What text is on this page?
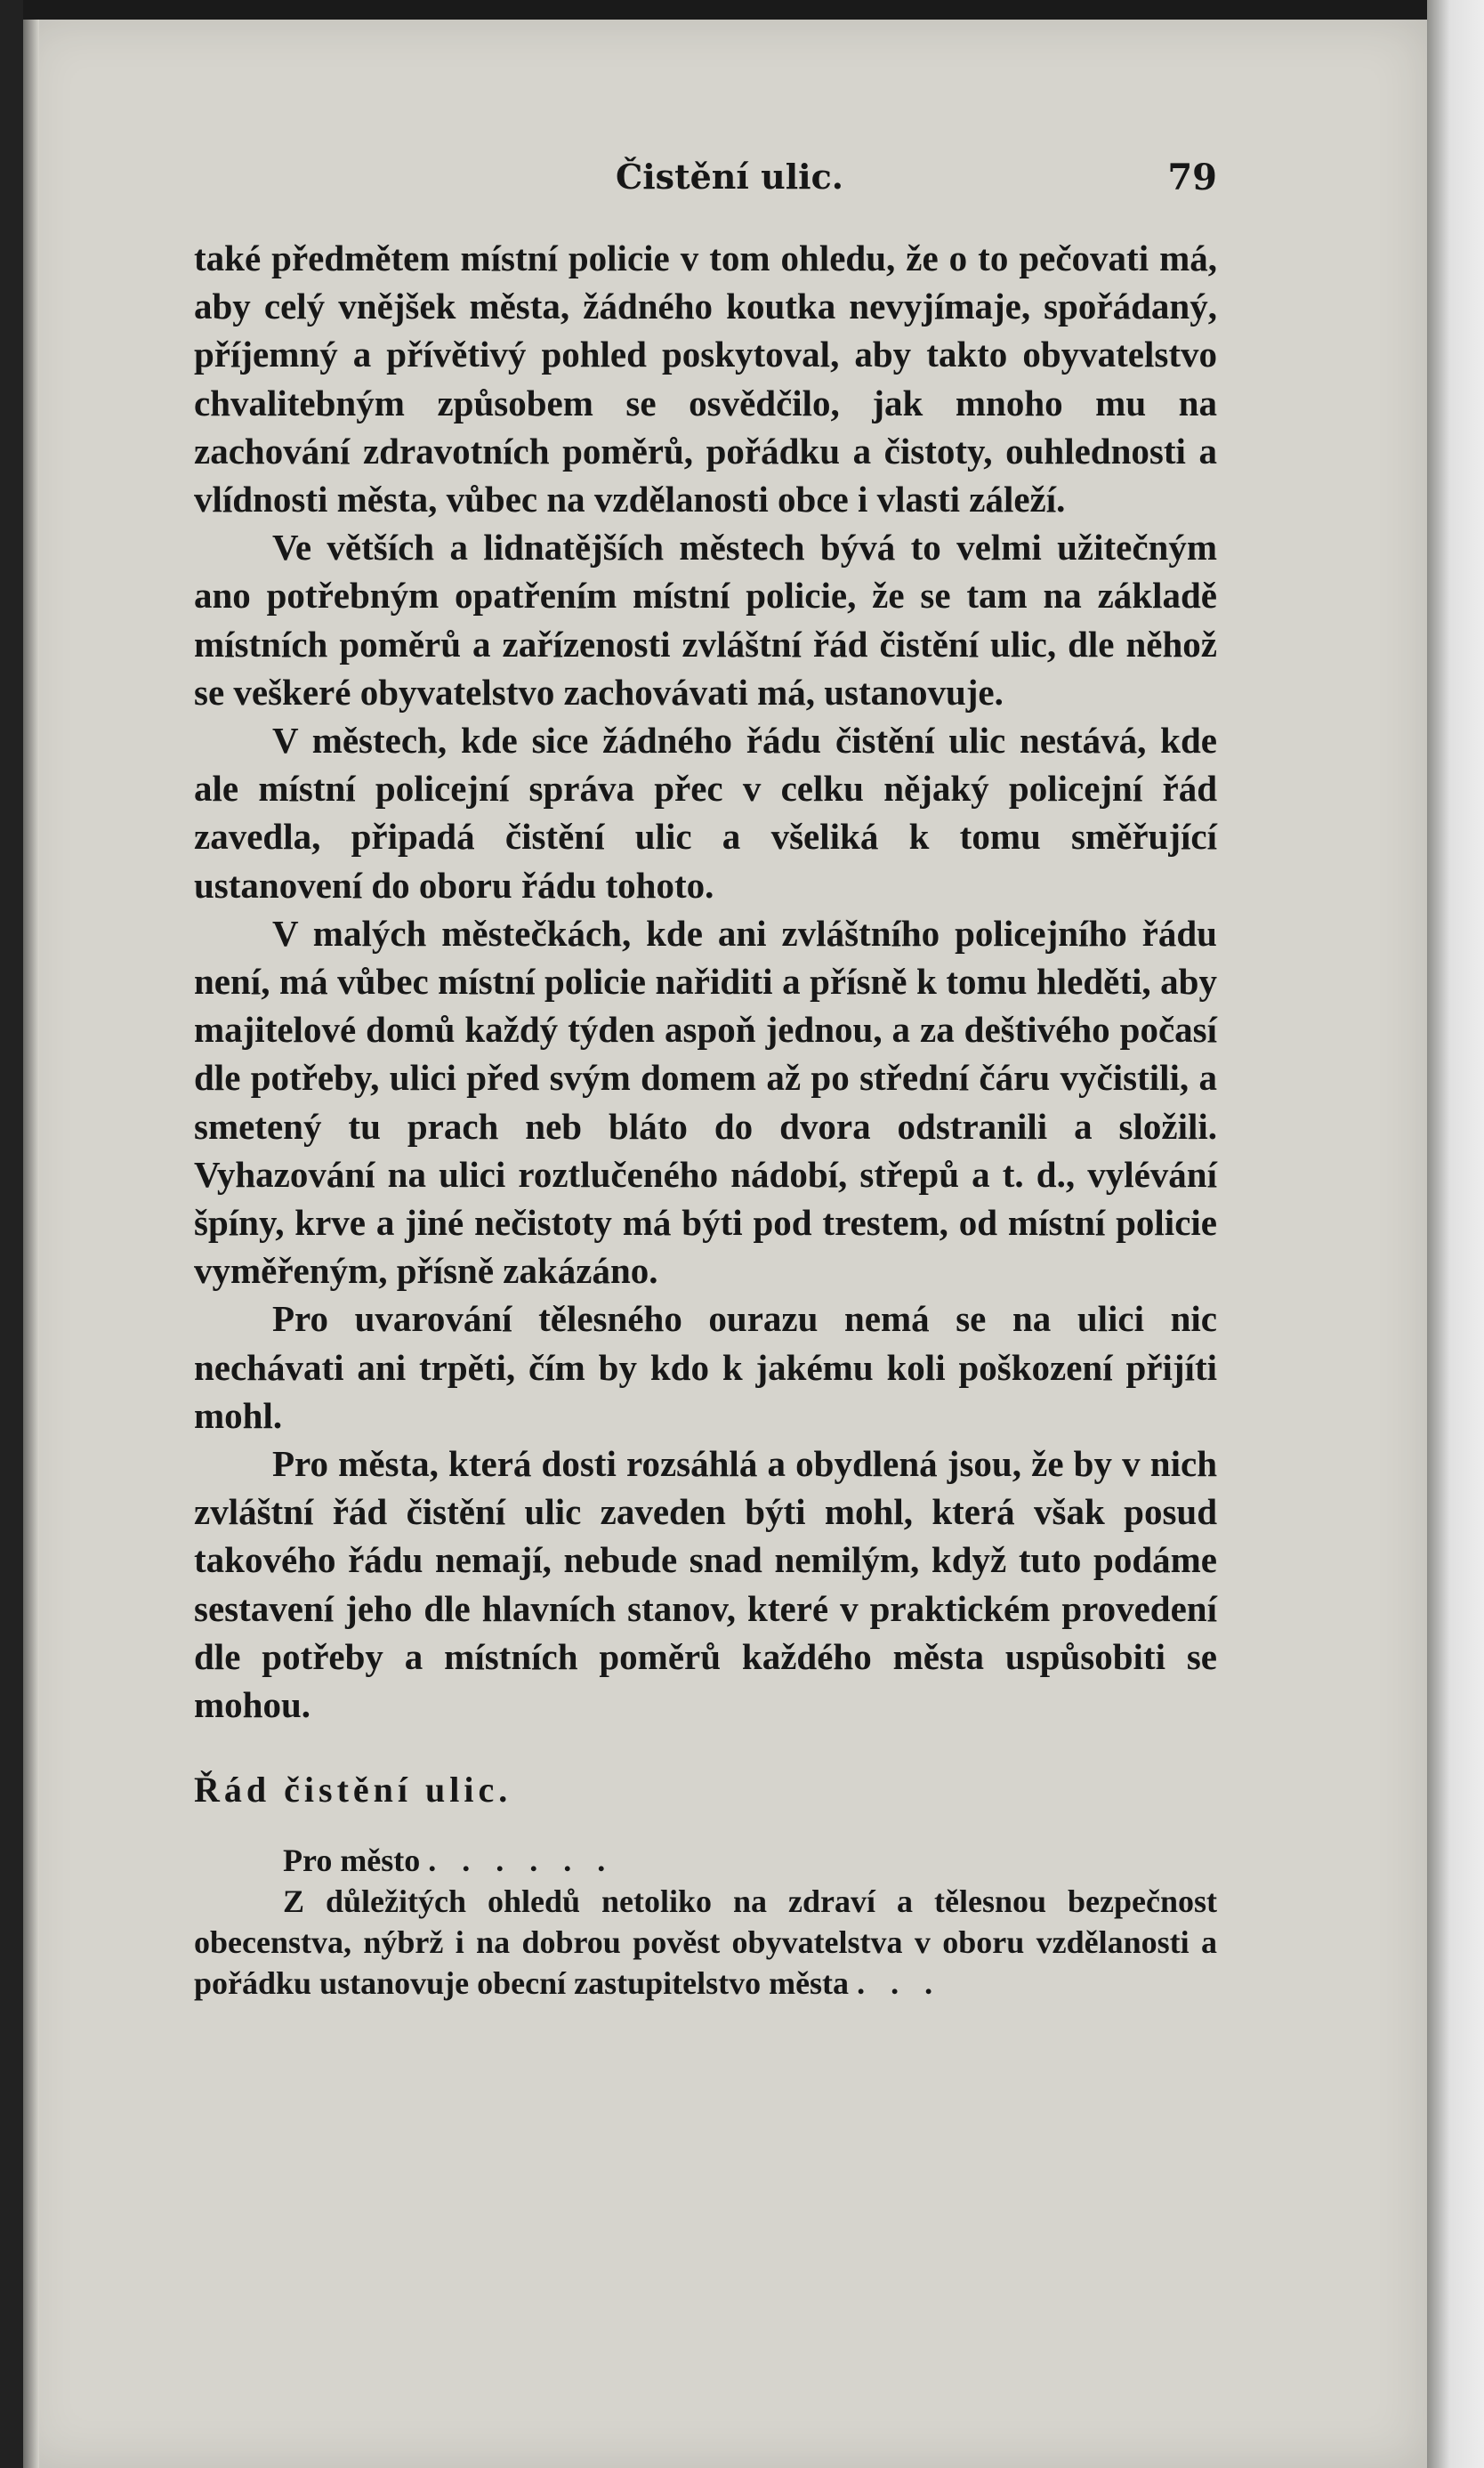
Čistění ulic.	79

také předmětem místní policie v tom ohledu, že o to pečovati má, aby celý vnějšek města, žádného koutka nevyjímaje, spořádaný, příjemný a přívětivý pohled poskytoval, aby takto obyvatelstvo chvalitebným způsobem se osvědčilo, jak mnoho mu na zachování zdravotních poměrů, pořádku a čistoty, ouhlednosti a vlídnosti města, vůbec na vzdělanosti obce i vlasti záleží.

Ve větších a lidnatějších městech bývá to velmi užitečným ano potřebným opatřením místní policie, že se tam na základě místních poměrů a zařízenosti zvláštní řád čistění ulic, dle něhož se veškeré obyvatelstvo zachovávati má, ustanovuje.

V městech, kde sice žádného řádu čistění ulic nestává, kde ale místní policejní správa přec v celku nějaký policejní řád zavedla, připadá čistění ulic a všeliká k tomu směřující ustanovení do oboru řádu tohoto.

V malých městečkách, kde ani zvláštního policejního řádu není, má vůbec místní policie nařiditi a přísně k tomu hleděti, aby majitelové domů každý týden aspoň jednou, a za deštivého počasí dle potřeby, ulici před svým domem až po střední čáru vyčistili, a smetený tu prach neb bláto do dvora odstranili a složili. Vyhazování na ulici roztlučeného nádobí, střepů a t. d., vylévání špíny, krve a jiné nečistoty má býti pod trestem, od místní policie vyměřeným, přísně zakázáno.

Pro uvarování tělesného ourazu nemá se na ulici nic nechávati ani trpěti, čím by kdo k jakému koli poškození přijíti mohl.

Pro města, která dosti rozsáhlá a obydlená jsou, že by v nich zvláštní řád čistění ulic zaveden býti mohl, která však posud takového řádu nemají, nebude snad nemilým, když tuto podáme sestavení jeho dle hlavních stanov, které v praktickém provedení dle potřeby a místních poměrů každého města uspůsobiti se mohou.

Řád čistění ulic.

Pro město . . . . . .

Z důležitých ohledů netoliko na zdraví a tělesnou bezpečnost obecenstva, nýbrž i na dobrou pověst obyvatelstva v oboru vzdělanosti a pořádku ustanovuje obecní zastupitelstvo města . . .
